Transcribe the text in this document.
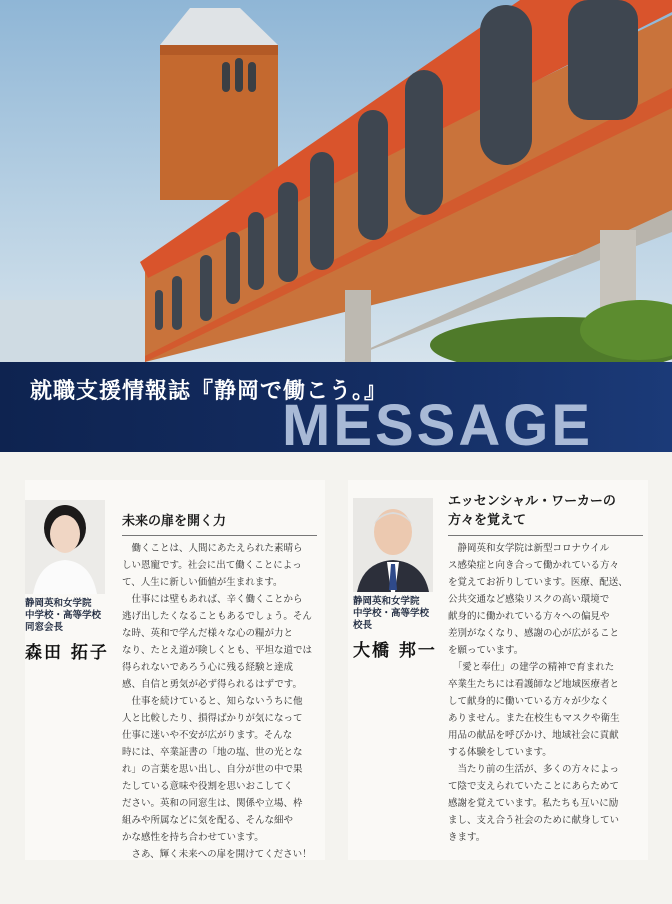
就職支援情報誌『静岡で働こう。』
MESSAGE
静岡英和女学院
中学校・高等学校
同窓会長
森田 拓子
未来の扉を開く力
　働くことは、人間にあたえられた素晴ら
しい恩寵です。社会に出て働くことによっ
て、人生に新しい価値が生まれます。
　仕事には壁もあれば、辛く働くことから
逃げ出したくなることもあるでしょう。そん
な時、英和で学んだ様々な心の糧が力と
なり、たとえ道が険しくとも、平坦な道では
得られないであろう心に残る経験と達成
感、自信と勇気が必ず得られるはずです。
　仕事を続けていると、知らないうちに他
人と比較したり、損得ばかりが気になって
仕事に迷いや不安が広がります。そんな
時には、卒業証書の「地の塩、世の光とな
れ」の言葉を思い出し、自分が世の中で果
たしている意味や役割を思いおこしてく
ださい。英和の同窓生は、関係や立場、枠
組みや所属などに気を配る、そんな細や
かな感性を持ち合わせています。
　さあ、輝く未来への扉を開けてください！
静岡英和女学院
中学校・高等学校
校長
大橋 邦一
エッセンシャル・ワーカーの
方々を覚えて
　静岡英和女学院は新型コロナウイル
ス感染症と向き合って働かれている方々
を覚えてお祈りしています。医療、配送、
公共交通など感染リスクの高い環境で
献身的に働かれている方々への偏見や
差別がなくなり、感謝の心が広がること
を願っています。
　「愛と奉仕」の建学の精神で育まれた
卒業生たちには看護師など地域医療者と
して献身的に働いている方々が少なく
ありません。また在校生もマスクや衛生
用品の献品を呼びかけ、地域社会に貢献
する体験をしています。
　当たり前の生活が、多くの方々によっ
て陰で支えられていたことにあらためて
感謝を覚えています。私たちも互いに励
まし、支え合う社会のために献身してい
きます。
